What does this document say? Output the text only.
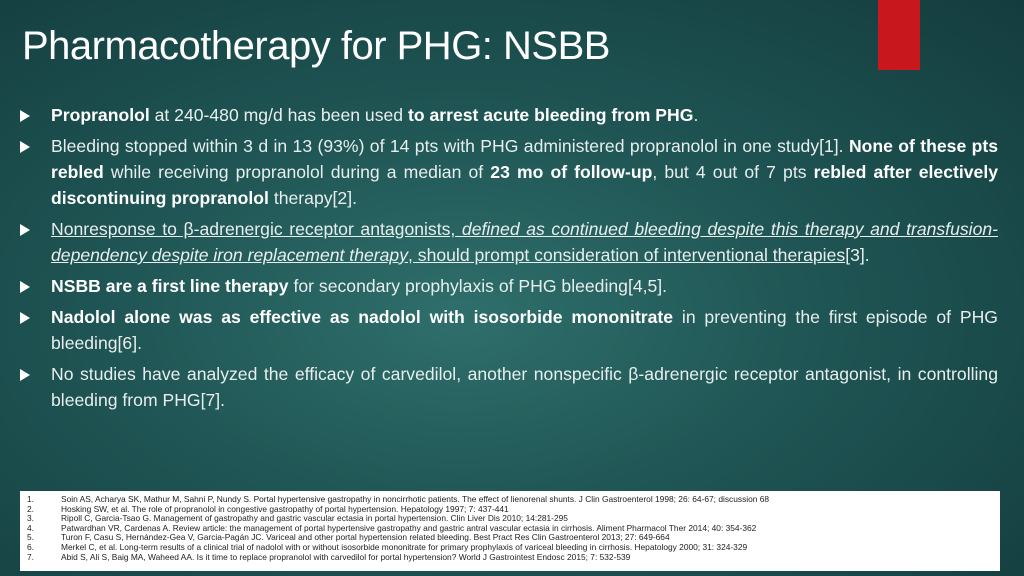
Pharmacotherapy for PHG: NSBB
Propranolol at 240-480 mg/d has been used to arrest acute bleeding from PHG.
Bleeding stopped within 3 d in 13 (93%) of 14 pts with PHG administered propranolol in one study[1]. None of these pts rebled while receiving propranolol during a median of 23 mo of follow-up, but 4 out of 7 pts rebled after electively discontinuing propranolol therapy[2].
Nonresponse to β-adrenergic receptor antagonists, defined as continued bleeding despite this therapy and transfusion-dependency despite iron replacement therapy, should prompt consideration of interventional therapies[3].
NSBB are a first line therapy for secondary prophylaxis of PHG bleeding[4,5].
Nadolol alone was as effective as nadolol with isosorbide mononitrate in preventing the first episode of PHG bleeding[6].
No studies have analyzed the efficacy of carvedilol, another nonspecific β-adrenergic receptor antagonist, in controlling bleeding from PHG[7].
1.	Soin AS, Acharya SK, Mathur M, Sahni P, Nundy S. Portal hypertensive gastropathy in noncirrhotic patients. The effect of lienorenal shunts. J Clin Gastroenterol 1998; 26: 64-67; discussion 68
2.	Hosking SW, et al. The role of propranolol in congestive gastropathy of portal hypertension. Hepatology 1997; 7: 437-441
3.	Ripoll C, Garcia-Tsao G. Management of gastropathy and gastric vascular ectasia in portal hypertension. Clin Liver Dis 2010; 14:281-295
4.	Patwardhan VR, Cardenas A. Review article: the management of portal hypertensive gastropathy and gastric antral vascular ectasia in cirrhosis. Aliment Pharmacol Ther 2014; 40: 354-362
5.	Turon F, Casu S, Hernández-Gea V, Garcia-Pagán JC. Variceal and other portal hypertension related bleeding. Best Pract Res Clin Gastroenterol 2013; 27: 649-664
6.	Merkel C, et al. Long-term results of a clinical trial of nadolol with or without isosorbide mononitrate for primary prophylaxis of variceal bleeding in cirrhosis. Hepatology 2000; 31: 324-329
7.	Abid S, Ali S, Baig MA, Waheed AA. Is it time to replace propranolol with carvedilol for portal hypertension? World J Gastrointest Endosc 2015; 7: 532-539
